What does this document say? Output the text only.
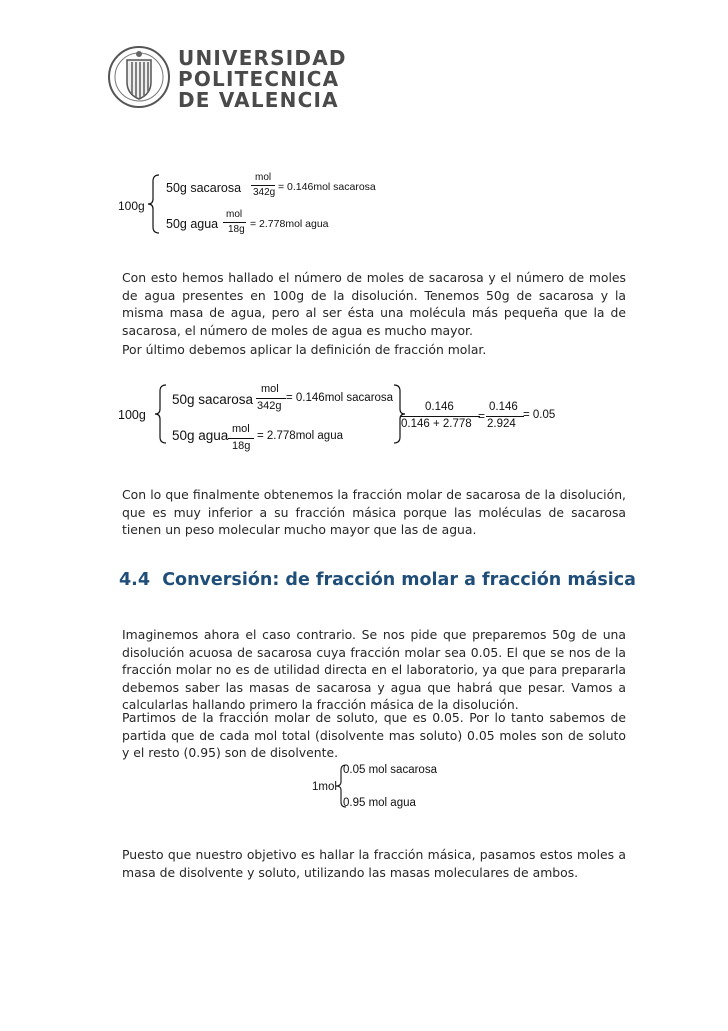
UNIVERSIDAD
POLITECNICA
DE VALENCIA
100g
50g sacarosa
mol
342g = 0.146mol sacarosa
50g agua
mol
18g = 2.778mol agua

Con esto hemos hallado el número de moles de sacarosa y el número de moles de agua presentes en 100g de la disolución. Tenemos 50g de sacarosa y la misma masa de agua, pero al ser ésta una molécula más pequeña que la de sacarosa, el número de moles de agua es mucho mayor.

Por último debemos aplicar la definición de fracción molar.

100g
50g sacarosa
mol
342g
= 0.146mol sacarosa
50g agua mol
18g
= 2.778mol agua
0.146
0.146 + 2.778
=
0.146
2.924
= 0.05

Con lo que finalmente obtenemos la fracción molar de sacarosa de la disolución, que es muy inferior a su fracción másica porque las moléculas de sacarosa tienen un peso molecular mucho mayor que las de agua.

4.4 Conversión: de fracción molar a fracción másica

Imaginemos ahora el caso contrario. Se nos pide que preparemos 50g de una disolución acuosa de sacarosa cuya fracción molar sea 0.05. El que se nos de la fracción molar no es de utilidad directa en el laboratorio, ya que para prepararla debemos saber las masas de sacarosa y agua que habrá que pesar. Vamos a calcularlas hallando primero la fracción másica de la disolución.

Partimos de la fracción molar de soluto, que es 0.05. Por lo tanto sabemos de partida que de cada mol total (disolvente mas soluto) 0.05 moles son de soluto y el resto (0.95) son de disolvente.

1mol
0.05 mol sacarosa
0.95 mol agua

Puesto que nuestro objetivo es hallar la fracción másica, pasamos estos moles a masa de disolvente y soluto, utilizando las masas moleculares de ambos.
